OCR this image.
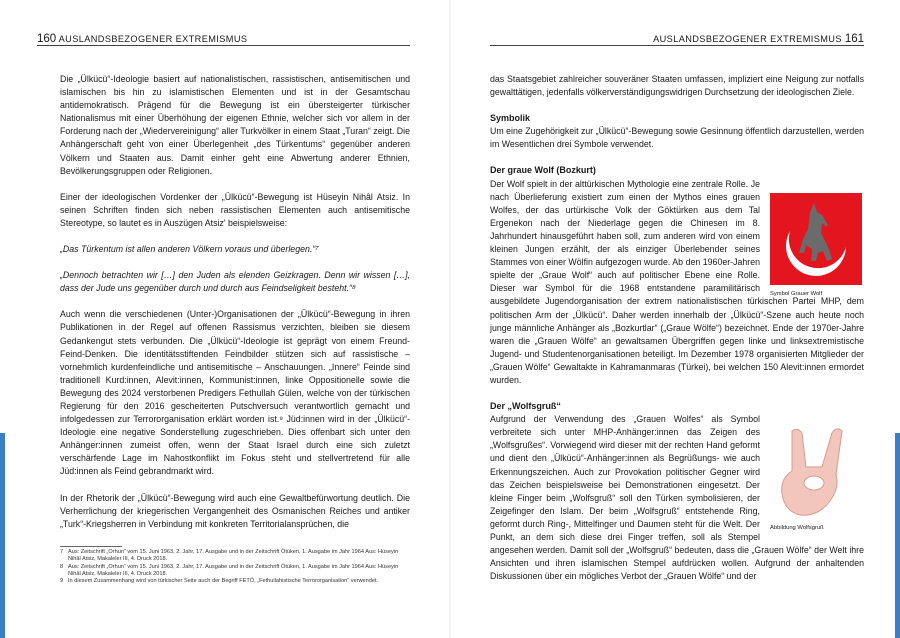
160 AUSLANDSBEZOGENER EXTREMISMUS

Die „Ülkücü“-Ideologie basiert auf nationalistischen, rassistischen, antisemitischen und islamischen bis hin zu islamistischen Elementen und ist in der Gesamtschau antidemokratisch. Prägend für die Bewegung ist ein übersteigerter türkischer Nationalismus mit einer Überhöhung der eigenen Ethnie, welcher sich vor allem in der Forderung nach der „Wiedervereinigung“ aller Turkvölker in einem Staat „Turan“ zeigt. Die Anhängerschaft geht von einer Überlegenheit „des Türkentums“ gegenüber anderen Völkern und Staaten aus. Damit einher geht eine Abwertung anderer Ethnien, Bevölkerungsgruppen oder Religionen.

Einer der ideologischen Vordenker der „Ülkücü“-Bewegung ist Hüseyin Nihâl Atsiz. In seinen Schriften finden sich neben rassistischen Elementen auch antisemitische Stereotype, so lautet es in Auszügen Atsiz' beispielsweise:

„Das Türkentum ist allen anderen Völkern voraus und überlegen.“⁷

„Dennoch betrachten wir […] den Juden als elenden Geizkragen. Denn wir wissen […], dass der Jude uns gegenüber durch und durch aus Feindseligkeit besteht.“⁸

Auch wenn die verschiedenen (Unter-)Organisationen der „Ülkücü“-Bewegung in ihren Publikationen in der Regel auf offenen Rassismus verzichten, bleiben sie diesem Gedankengut stets verbunden. Die „Ülkücü“-Ideologie ist geprägt von einem Freund-Feind-Denken. Die identitätsstiftenden Feindbilder stützen sich auf rassistische – vornehmlich kurdenfeindliche und antisemitische – Anschauungen. „Innere“ Feinde sind traditionell Kurd:innen, Alevit:innen, Kommunist:innen, linke Oppositionelle sowie die Bewegung des 2024 verstorbenen Predigers Fethullah Gülen, welche von der türkischen Regierung für den 2016 gescheiterten Putschversuch verantwortlich gemacht und infolgedessen zur Terrororganisation erklärt worden ist.⁹ Jüd:innen wird in der „Ülkücü“-Ideologie eine negative Sonderstellung zugeschrieben. Dies offenbart sich unter den Anhänger:innen zumeist offen, wenn der Staat Israel durch eine sich zuletzt verschärfende Lage im Nahostkonflikt im Fokus steht und stellvertretend für alle Jüd:innen als Feind gebrandmarkt wird.

In der Rhetorik der „Ülkücü“-Bewegung wird auch eine Gewaltbefürwortung deutlich. Die Verherrlichung der kriegerischen Vergangenheit des Osmanischen Reiches und antiker „Turk“-Kriegsherren in Verbindung mit konkreten Territorialansprüchen, die

7 Aus: Zeitschrift „Orhun“ vom 15. Juni 1963, 2. Jahr, 17. Ausgabe und in der Zeitschrift Ötüken, 1. Ausgabe im Jahr 1964 Aus: Hüseyin Nihâl Atsiz, Makaleler III, 4. Druck 2018.
8 Aus: Zeitschrift „Orhun“ vom 15. Juni 1963, 2. Jahr, 17. Ausgabe und in der Zeitschrift Ötüken, 1. Ausgabe im Jahr 1964 Aus: Hüseyin Nihâl Atsiz, Makaleler III, 4. Druck 2018.
9 In diesem Zusammenhang wird von türkischer Seite auch der Begriff FETÖ, „Fethullahistische Terrororganisation“ verwendet.
AUSLANDSBEZOGENER EXTREMISMUS 161

das Staatsgebiet zahlreicher souveräner Staaten umfassen, impliziert eine Neigung zur notfalls gewalttätigen, jedenfalls völkerverständigungswidrigen Durchsetzung der ideologischen Ziele.

Symbolik

Um eine Zugehörigkeit zur „Ülkücü“-Bewegung sowie Gesinnung öffentlich darzustellen, werden im Wesentlichen drei Symbole verwendet.

Der graue Wolf (Bozkurt)

Der Wolf spielt in der alttürkischen Mythologie eine zentrale Rolle. Je nach Überlieferung existiert zum einen der Mythos eines grauen Wolfes, der das urtürkische Volk der Göktürken aus dem Tal Ergenekon nach der Niederlage gegen die Chinesen im 8. Jahrhundert hinausgeführt haben soll, zum anderen wird von einem kleinen Jungen erzählt, der als einziger Überlebender seines Stammes von einer Wölfin aufgezogen wurde. Ab den 1960er-Jahren spielte der „Graue Wolf“ auch auf politischer Ebene eine Rolle. Dieser war Symbol für die 1968 entstandene paramilitärisch ausgebildete Jugendorganisation der extrem nationalistischen türkischen Partei MHP, dem politischen Arm der „Ülkücü“. Daher werden innerhalb der „Ülkücü“-Szene auch heute noch junge männliche Anhänger als „Bozkurtlar“ („Graue Wölfe“) bezeichnet. Ende der 1970er-Jahre waren die „Grauen Wölfe“ an gewaltsamen Übergriffen gegen linke und linksextremistische Jugend- und Studentenorganisationen beteiligt. Im Dezember 1978 organisierten Mitglieder der „Grauen Wölfe“ Gewaltakte in Kahramanmaras (Türkei), bei welchen 150 Alevit:innen ermordet wurden.

Der „Wolfsgruß“

Aufgrund der Verwendung des „Grauen Wolfes“ als Symbol verbreitete sich unter MHP-Anhänger:innen das Zeigen des „Wolfsgrußes“. Vorwiegend wird dieser mit der rechten Hand geformt und dient den „Ülkücü“-Anhänger:innen als Begrüßungs- wie auch Erkennungszeichen. Auch zur Provokation politischer Gegner wird das Zeichen beispielsweise bei Demonstrationen eingesetzt. Der kleine Finger beim „Wolfsgruß“ soll den Türken symbolisieren, der Zeigefinger den Islam. Der beim „Wolfsgruß“ entstehende Ring, geformt durch Ring-, Mittelfinger und Daumen steht für die Welt. Der Punkt, an dem sich diese drei Finger treffen, soll als Stempel angesehen werden. Damit soll der „Wolfsgruß“ bedeuten, dass die „Grauen Wölfe“ der Welt ihre Ansichten und ihren islamischen Stempel aufdrücken wollen. Aufgrund der anhaltenden Diskussionen über ein mögliches Verbot der „Grauen Wölfe“ und der

Symbol Grauer Wolf
Abbildung Wolfsgruß
